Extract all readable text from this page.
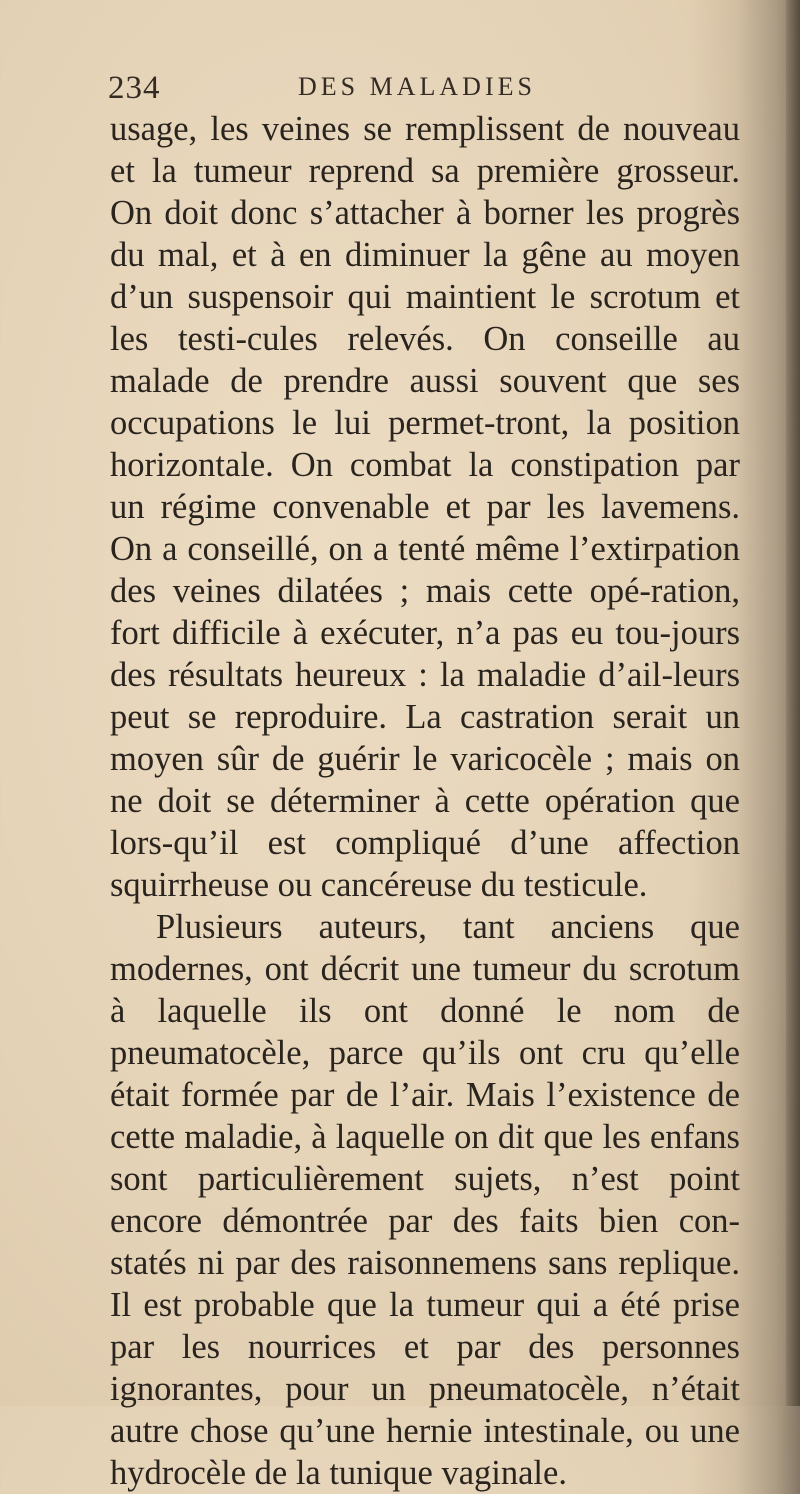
234	DES MALADIES

usage, les veines se remplissent de nouveau et la tumeur reprend sa première grosseur. On doit donc s’attacher à borner les progrès du mal, et à en diminuer la gêne au moyen d’un suspensoir qui maintient le scrotum et les testi-cules relevés. On conseille au malade de prendre aussi souvent que ses occupations le lui permet-tront, la position horizontale. On combat la constipation par un régime convenable et par les lavemens. On a conseillé, on a tenté même l’extirpation des veines dilatées ; mais cette opé-ration, fort difficile à exécuter, n’a pas eu tou-jours des résultats heureux : la maladie d’ail-leurs peut se reproduire. La castration serait un moyen sûr de guérir le varicocèle ; mais on ne doit se déterminer à cette opération que lors-qu’il est compliqué d’une affection squirrheuse ou cancéreuse du testicule.

Plusieurs auteurs, tant anciens que modernes, ont décrit une tumeur du scrotum à laquelle ils ont donné le nom de pneumatocèle, parce qu’ils ont cru qu’elle était formée par de l’air. Mais l’existence de cette maladie, à laquelle on dit que les enfans sont particulièrement sujets, n’est point encore démontrée par des faits bien con-statés ni par des raisonnemens sans replique. Il est probable que la tumeur qui a été prise par les nourrices et par des personnes ignorantes, pour un pneumatocèle, n’était autre chose qu’une hernie intestinale, ou une hydrocèle de la tunique vaginale.
